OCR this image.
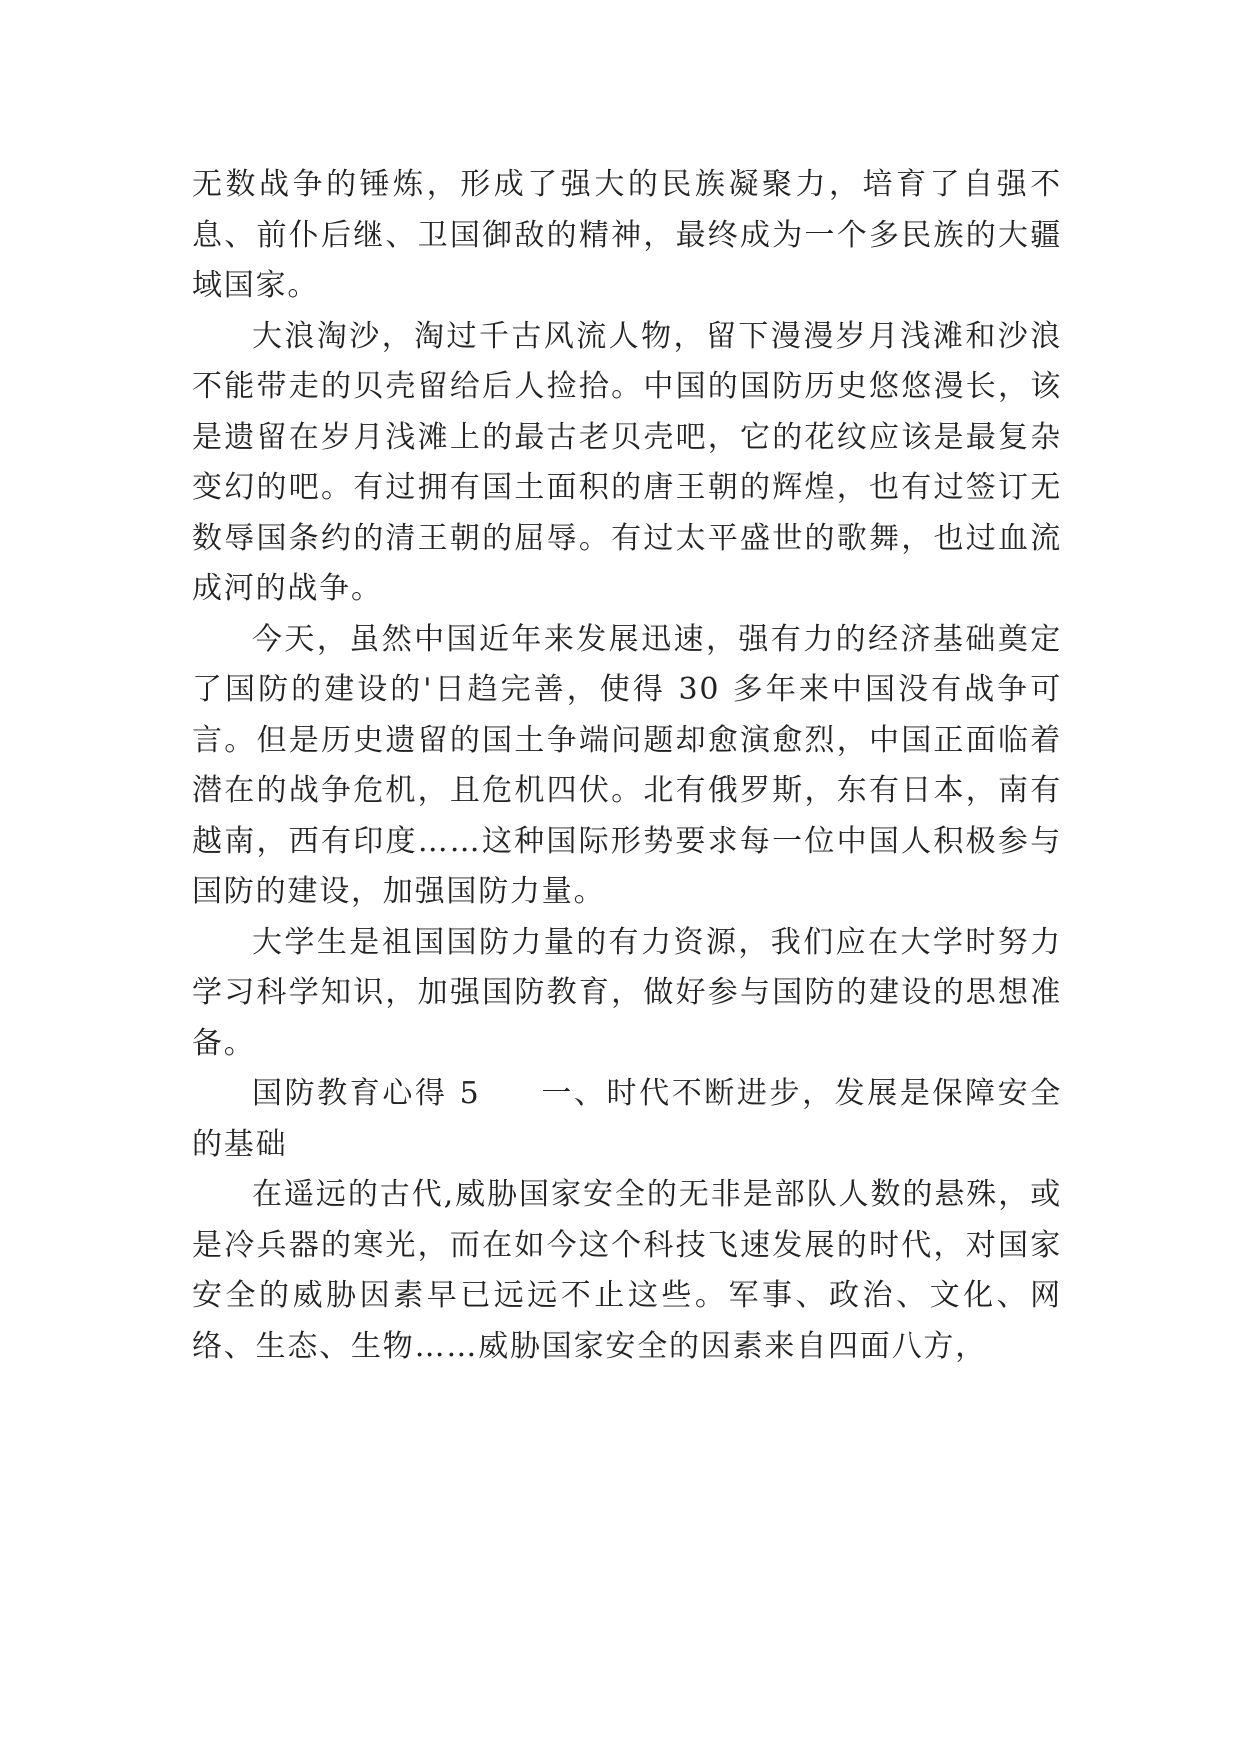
无数战争的锤炼，形成了强大的民族凝聚力，培育了自强不息、前仆后继、卫国御敌的精神，最终成为一个多民族的大疆域国家。

大浪淘沙，淘过千古风流人物，留下漫漫岁月浅滩和沙浪不能带走的贝壳留给后人捡拾。中国的国防历史悠悠漫长，该是遗留在岁月浅滩上的最古老贝壳吧，它的花纹应该是最复杂变幻的吧。有过拥有国土面积的唐王朝的辉煌，也有过签订无数辱国条约的清王朝的屈辱。有过太平盛世的歌舞，也过血流成河的战争。

今天，虽然中国近年来发展迅速，强有力的经济基础奠定了国防的建设的'日趋完善，使得 30 多年来中国没有战争可言。但是历史遗留的国土争端问题却愈演愈烈，中国正面临着潜在的战争危机，且危机四伏。北有俄罗斯，东有日本，南有越南，西有印度……这种国际形势要求每一位中国人积极参与国防的建设，加强国防力量。

大学生是祖国国防力量的有力资源，我们应在大学时努力学习科学知识，加强国防教育，做好参与国防的建设的思想准备。

国防教育心得 5 一、时代不断进步，发展是保障安全的基础

在遥远的古代,威胁国家安全的无非是部队人数的悬殊，或是冷兵器的寒光，而在如今这个科技飞速发展的时代，对国家安全的威胁因素早已远远不止这些。军事、政治、文化、网络、生态、生物……威胁国家安全的因素来自四面八方，
